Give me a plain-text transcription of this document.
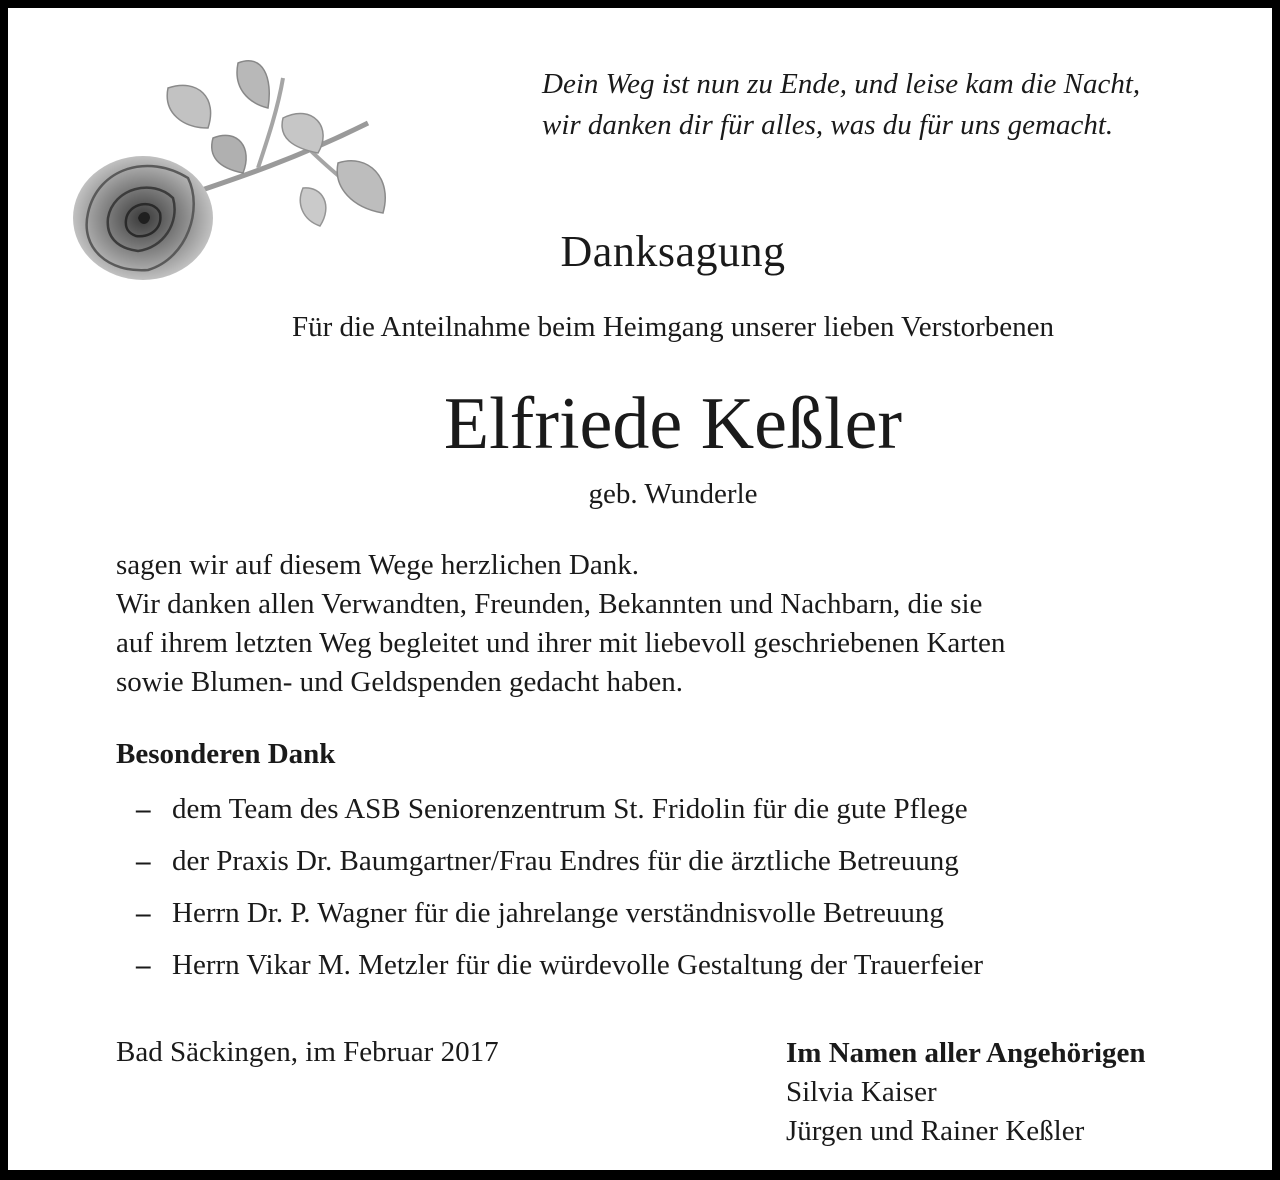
Dein Weg ist nun zu Ende, und leise kam die Nacht,
wir danken dir für alles, was du für uns gemacht.
Danksagung
Für die Anteilnahme beim Heimgang unserer lieben Verstorbenen
Elfriede Keßler
geb. Wunderle
sagen wir auf diesem Wege herzlichen Dank.
Wir danken allen Verwandten, Freunden, Bekannten und Nachbarn, die sie
auf ihrem letzten Weg begleitet und ihrer mit liebevoll geschriebenen Karten
sowie Blumen- und Geldspenden gedacht haben.
Besonderen Dank
– dem Team des ASB Seniorenzentrum St. Fridolin für die gute Pflege
– der Praxis Dr. Baumgartner/Frau Endres für die ärztliche Betreuung
– Herrn Dr. P. Wagner für die jahrelange verständnisvolle Betreuung
– Herrn Vikar M. Metzler für die würdevolle Gestaltung der Trauerfeier
Bad Säckingen, im Februar 2017	Im Namen aller Angehörigen
Silvia Kaiser
Jürgen und Rainer Keßler
